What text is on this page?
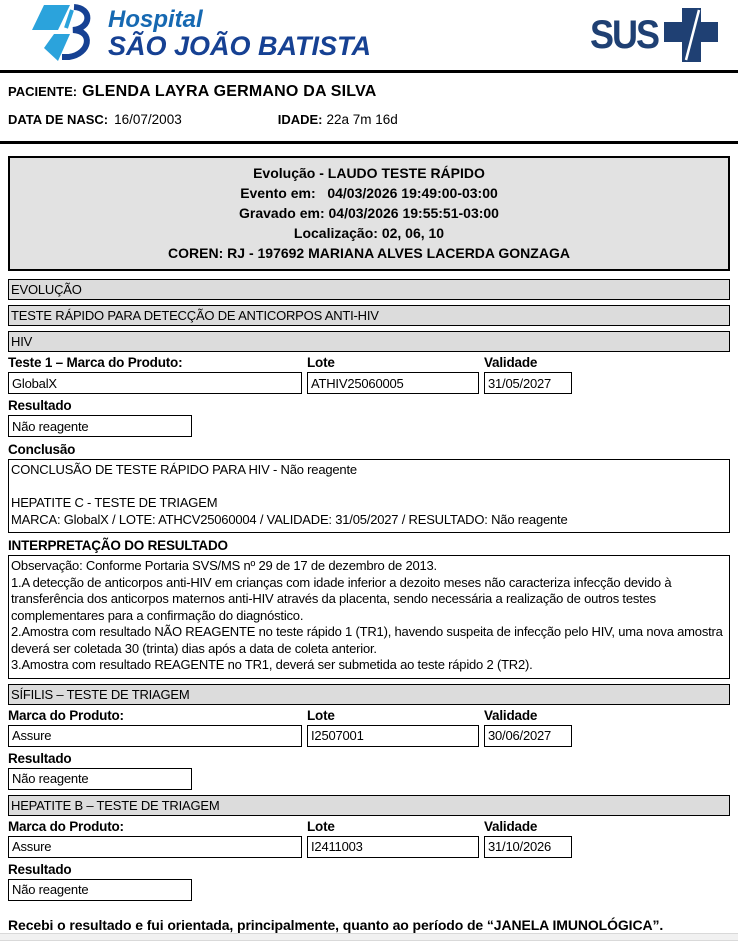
Hospital
SÃO JOÃO BATISTA	SUS
PACIENTE: GLENDA LAYRA GERMANO DA SILVA
DATA DE NASC: 16/07/2003	IDADE: 22a 7m 16d
Evolução - LAUDO TESTE RÁPIDO
Evento em: 04/03/2026 19:49:00-03:00
Gravado em: 04/03/2026 19:55:51-03:00
Localização: 02, 06, 10
COREN: RJ - 197692 MARIANA ALVES LACERDA GONZAGA
EVOLUÇÃO
TESTE RÁPIDO PARA DETECÇÃO DE ANTICORPOS ANTI-HIV
HIV
Teste 1 – Marca do Produto:	Lote	Validade
GlobalX	ATHIV25060005	31/05/2027
Resultado
Não reagente
Conclusão

CONCLUSÃO DE TESTE RÁPIDO PARA HIV - Não reagente

HEPATITE C - TESTE DE TRIAGEM

MARCA: GlobalX / LOTE: ATHCV25060004 / VALIDADE: 31/05/2027 / RESULTADO: Não reagente

INTERPRETAÇÃO DO RESULTADO

Observação: Conforme Portaria SVS/MS nº 29 de 17 de dezembro de 2013.

1.A detecção de anticorpos anti-HIV em crianças com idade inferior a dezoito meses não caracteriza infecção devido à transferência dos anticorpos maternos anti-HIV através da placenta, sendo necessária a realização de outros testes complementares para a confirmação do diagnóstico.

2.Amostra com resultado NÃO REAGENTE no teste rápido 1 (TR1), havendo suspeita de infecção pelo HIV, uma nova amostra deverá ser coletada 30 (trinta) dias após a data de coleta anterior.

3.Amostra com resultado REAGENTE no TR1, deverá ser submetida ao teste rápido 2 (TR2).

SÍFILIS – TESTE DE TRIAGEM
Marca do Produto:	Lote	Validade
Assure	I2507001	30/06/2027
Resultado
Não reagente
HEPATITE B – TESTE DE TRIAGEM
Marca do Produto:	Lote	Validade
Assure	I2411003	31/10/2026
Resultado
Não reagente
Recebi o resultado e fui orientada, principalmente, quanto ao período de “JANELA IMUNOLÓGICA”.
